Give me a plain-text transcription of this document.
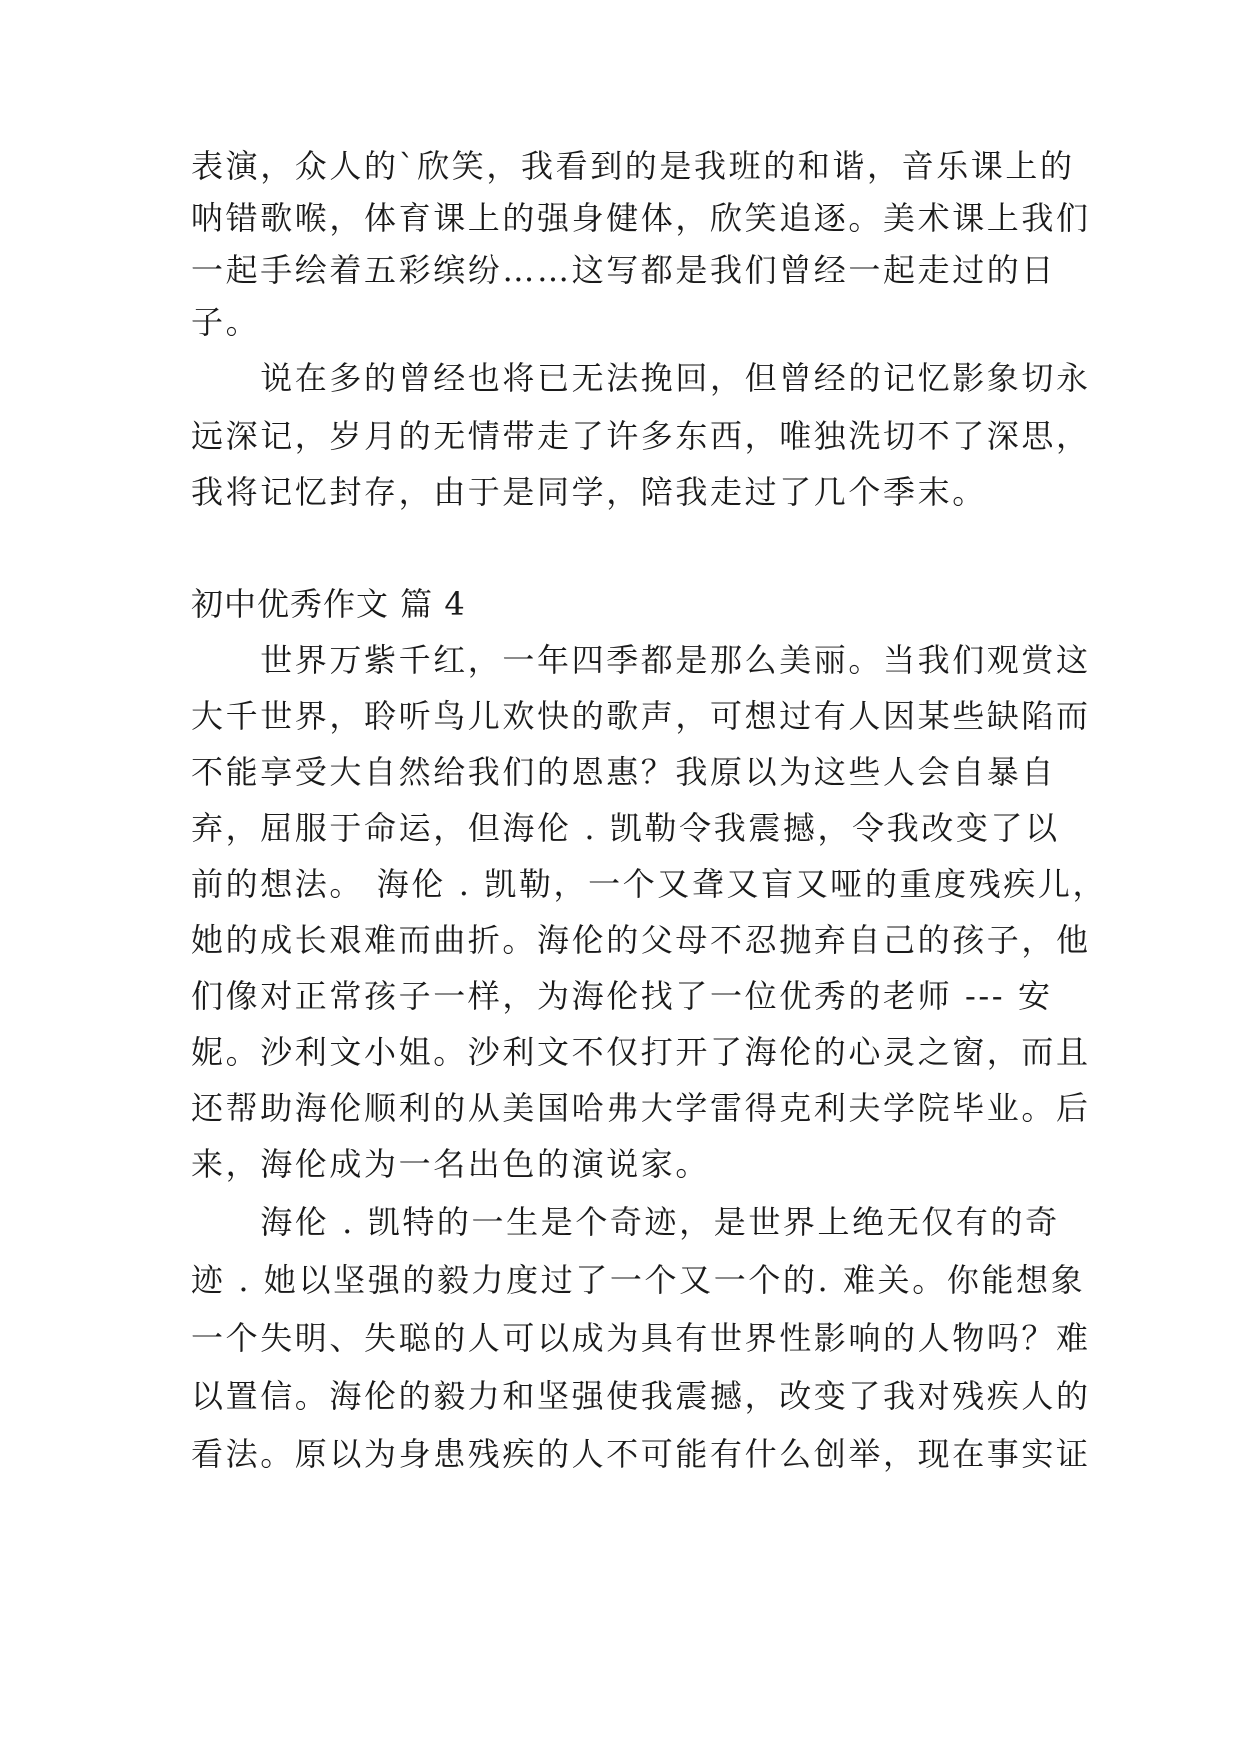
表演，众人的`欣笑，我看到的是我班的和谐，音乐课上的
呐错歌喉，体育课上的强身健体，欣笑追逐。美术课上我们
一起手绘着五彩缤纷……这写都是我们曾经一起走过的日
子。
　　说在多的曾经也将已无法挽回，但曾经的记忆影象切永
远深记，岁月的无情带走了许多东西，唯独洗切不了深思，
我将记忆封存，由于是同学，陪我走过了几个季末。
初中优秀作文 篇 4
　　世界万紫千红，一年四季都是那么美丽。当我们观赏这
大千世界，聆听鸟儿欢快的歌声，可想过有人因某些缺陷而
不能享受大自然给我们的恩惠？我原以为这些人会自暴自
弃，屈服于命运，但海伦 . 凯勒令我震撼，令我改变了以
前的想法。 海伦 . 凯勒，一个又聋又盲又哑的重度残疾儿，
她的成长艰难而曲折。海伦的父母不忍抛弃自己的孩子，他
们像对正常孩子一样，为海伦找了一位优秀的老师 --- 安
妮。沙利文小姐。沙利文不仅打开了海伦的心灵之窗，而且
还帮助海伦顺利的从美国哈弗大学雷得克利夫学院毕业。后
来，海伦成为一名出色的演说家。
　　海伦 . 凯特的一生是个奇迹，是世界上绝无仅有的奇
迹 . 她以坚强的毅力度过了一个又一个的. 难关。你能想象
一个失明、失聪的人可以成为具有世界性影响的人物吗？难
以置信。海伦的毅力和坚强使我震撼，改变了我对残疾人的
看法。原以为身患残疾的人不可能有什么创举，现在事实证
